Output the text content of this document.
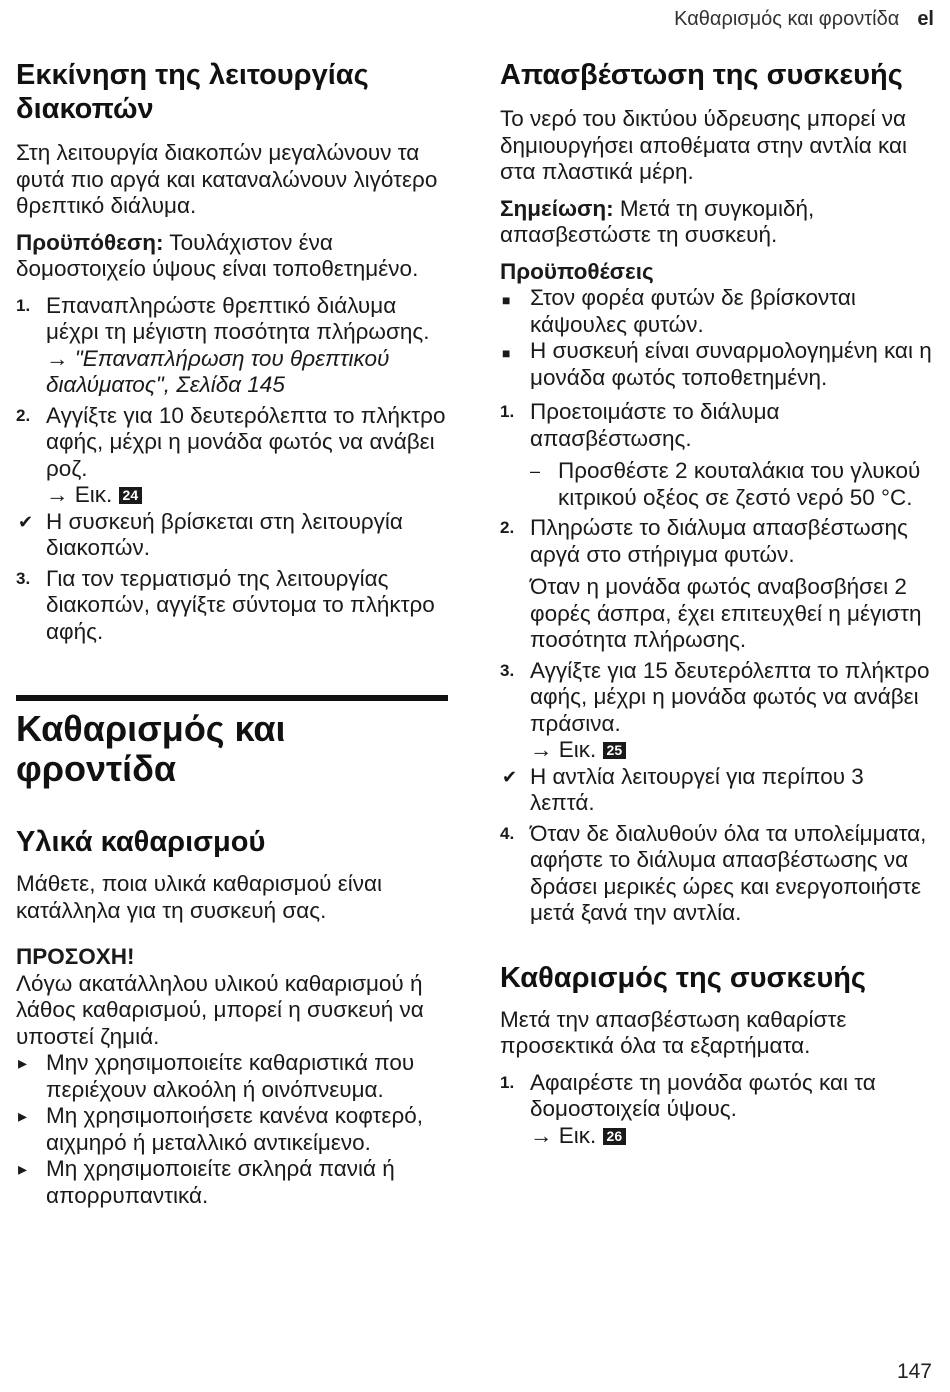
Καθαρισμός και φροντίδα el
Εκκίνηση της λειτουργίας
διακοπών

Στη λειτουργία διακοπών μεγαλώνουν τα φυτά πιο αργά και καταναλώνουν λιγότερο θρεπτικό διάλυμα.

Προϋπόθεση: Τουλάχιστον ένα δομοστοιχείο ύψους είναι τοποθετημένο.

1. Επαναπληρώστε θρεπτικό διάλυμα μέχρι τη μέγιστη ποσότητα πλήρωσης.
→ "Επαναπλήρωση του θρεπτικού διαλύματος", Σελίδα 145
2. Αγγίξτε για 10 δευτερόλεπτα το πλήκτρο αφής, μέχρι η μονάδα φωτός να ανάβει ροζ.
→ Εικ. 24
✔ Η συσκευή βρίσκεται στη λειτουργία διακοπών.
3. Για τον τερματισμό της λειτουργίας διακοπών, αγγίξτε σύντομα το πλήκτρο αφής.
Καθαρισμός και
φροντίδα
Υλικά καθαρισμού

Μάθετε, ποια υλικά καθαρισμού είναι κατάλληλα για τη συσκευή σας.

ΠΡΟΣΟΧΗ!

Λόγω ακατάλληλου υλικού καθαρισμού ή λάθος καθαρισμού, μπορεί η συσκευή να υποστεί ζημιά.

▸ Μην χρησιμοποιείτε καθαριστικά που περιέχουν αλκοόλη ή οινόπνευμα.
▸ Μη χρησιμοποιήσετε κανένα κοφτερό, αιχμηρό ή μεταλλικό αντικείμενο.
▸ Μη χρησιμοποιείτε σκληρά πανιά ή απορρυπαντικά.
Απασβέστωση της συσκευής

Το νερό του δικτύου ύδρευσης μπορεί να δημιουργήσει αποθέματα στην αντλία και στα πλαστικά μέρη.

Σημείωση: Μετά τη συγκομιδή, απασβεστώστε τη συσκευή.

Προϋποθέσεις
■ Στον φορέα φυτών δε βρίσκονται κάψουλες φυτών.
■ Η συσκευή είναι συναρμολογημένη και η μονάδα φωτός τοποθετημένη.
1. Προετοιμάστε το διάλυμα απασβέστωσης.
– Προσθέστε 2 κουταλάκια του γλυκού κιτρικού οξέος σε ζεστό νερό 50 °C.
2. Πληρώστε το διάλυμα απασβέστωσης αργά στο στήριγμα φυτών.

Όταν η μονάδα φωτός αναβοσβήσει 2 φορές άσπρα, έχει επιτευχθεί η μέγιστη ποσότητα πλήρωσης.

3. Αγγίξτε για 15 δευτερόλεπτα το πλήκτρο αφής, μέχρι η μονάδα φωτός να ανάβει πράσινα.
→ Εικ. 25
✔ Η αντλία λειτουργεί για περίπου 3 λεπτά.
4. Όταν δε διαλυθούν όλα τα υπολείμματα, αφήστε το διάλυμα απασβέστωσης να δράσει μερικές ώρες και ενεργοποιήστε μετά ξανά την αντλία.
Καθαρισμός της συσκευής

Μετά την απασβέστωση καθαρίστε προσεκτικά όλα τα εξαρτήματα.

1. Αφαιρέστε τη μονάδα φωτός και τα δομοστοιχεία ύψους.
→ Εικ. 26
147
